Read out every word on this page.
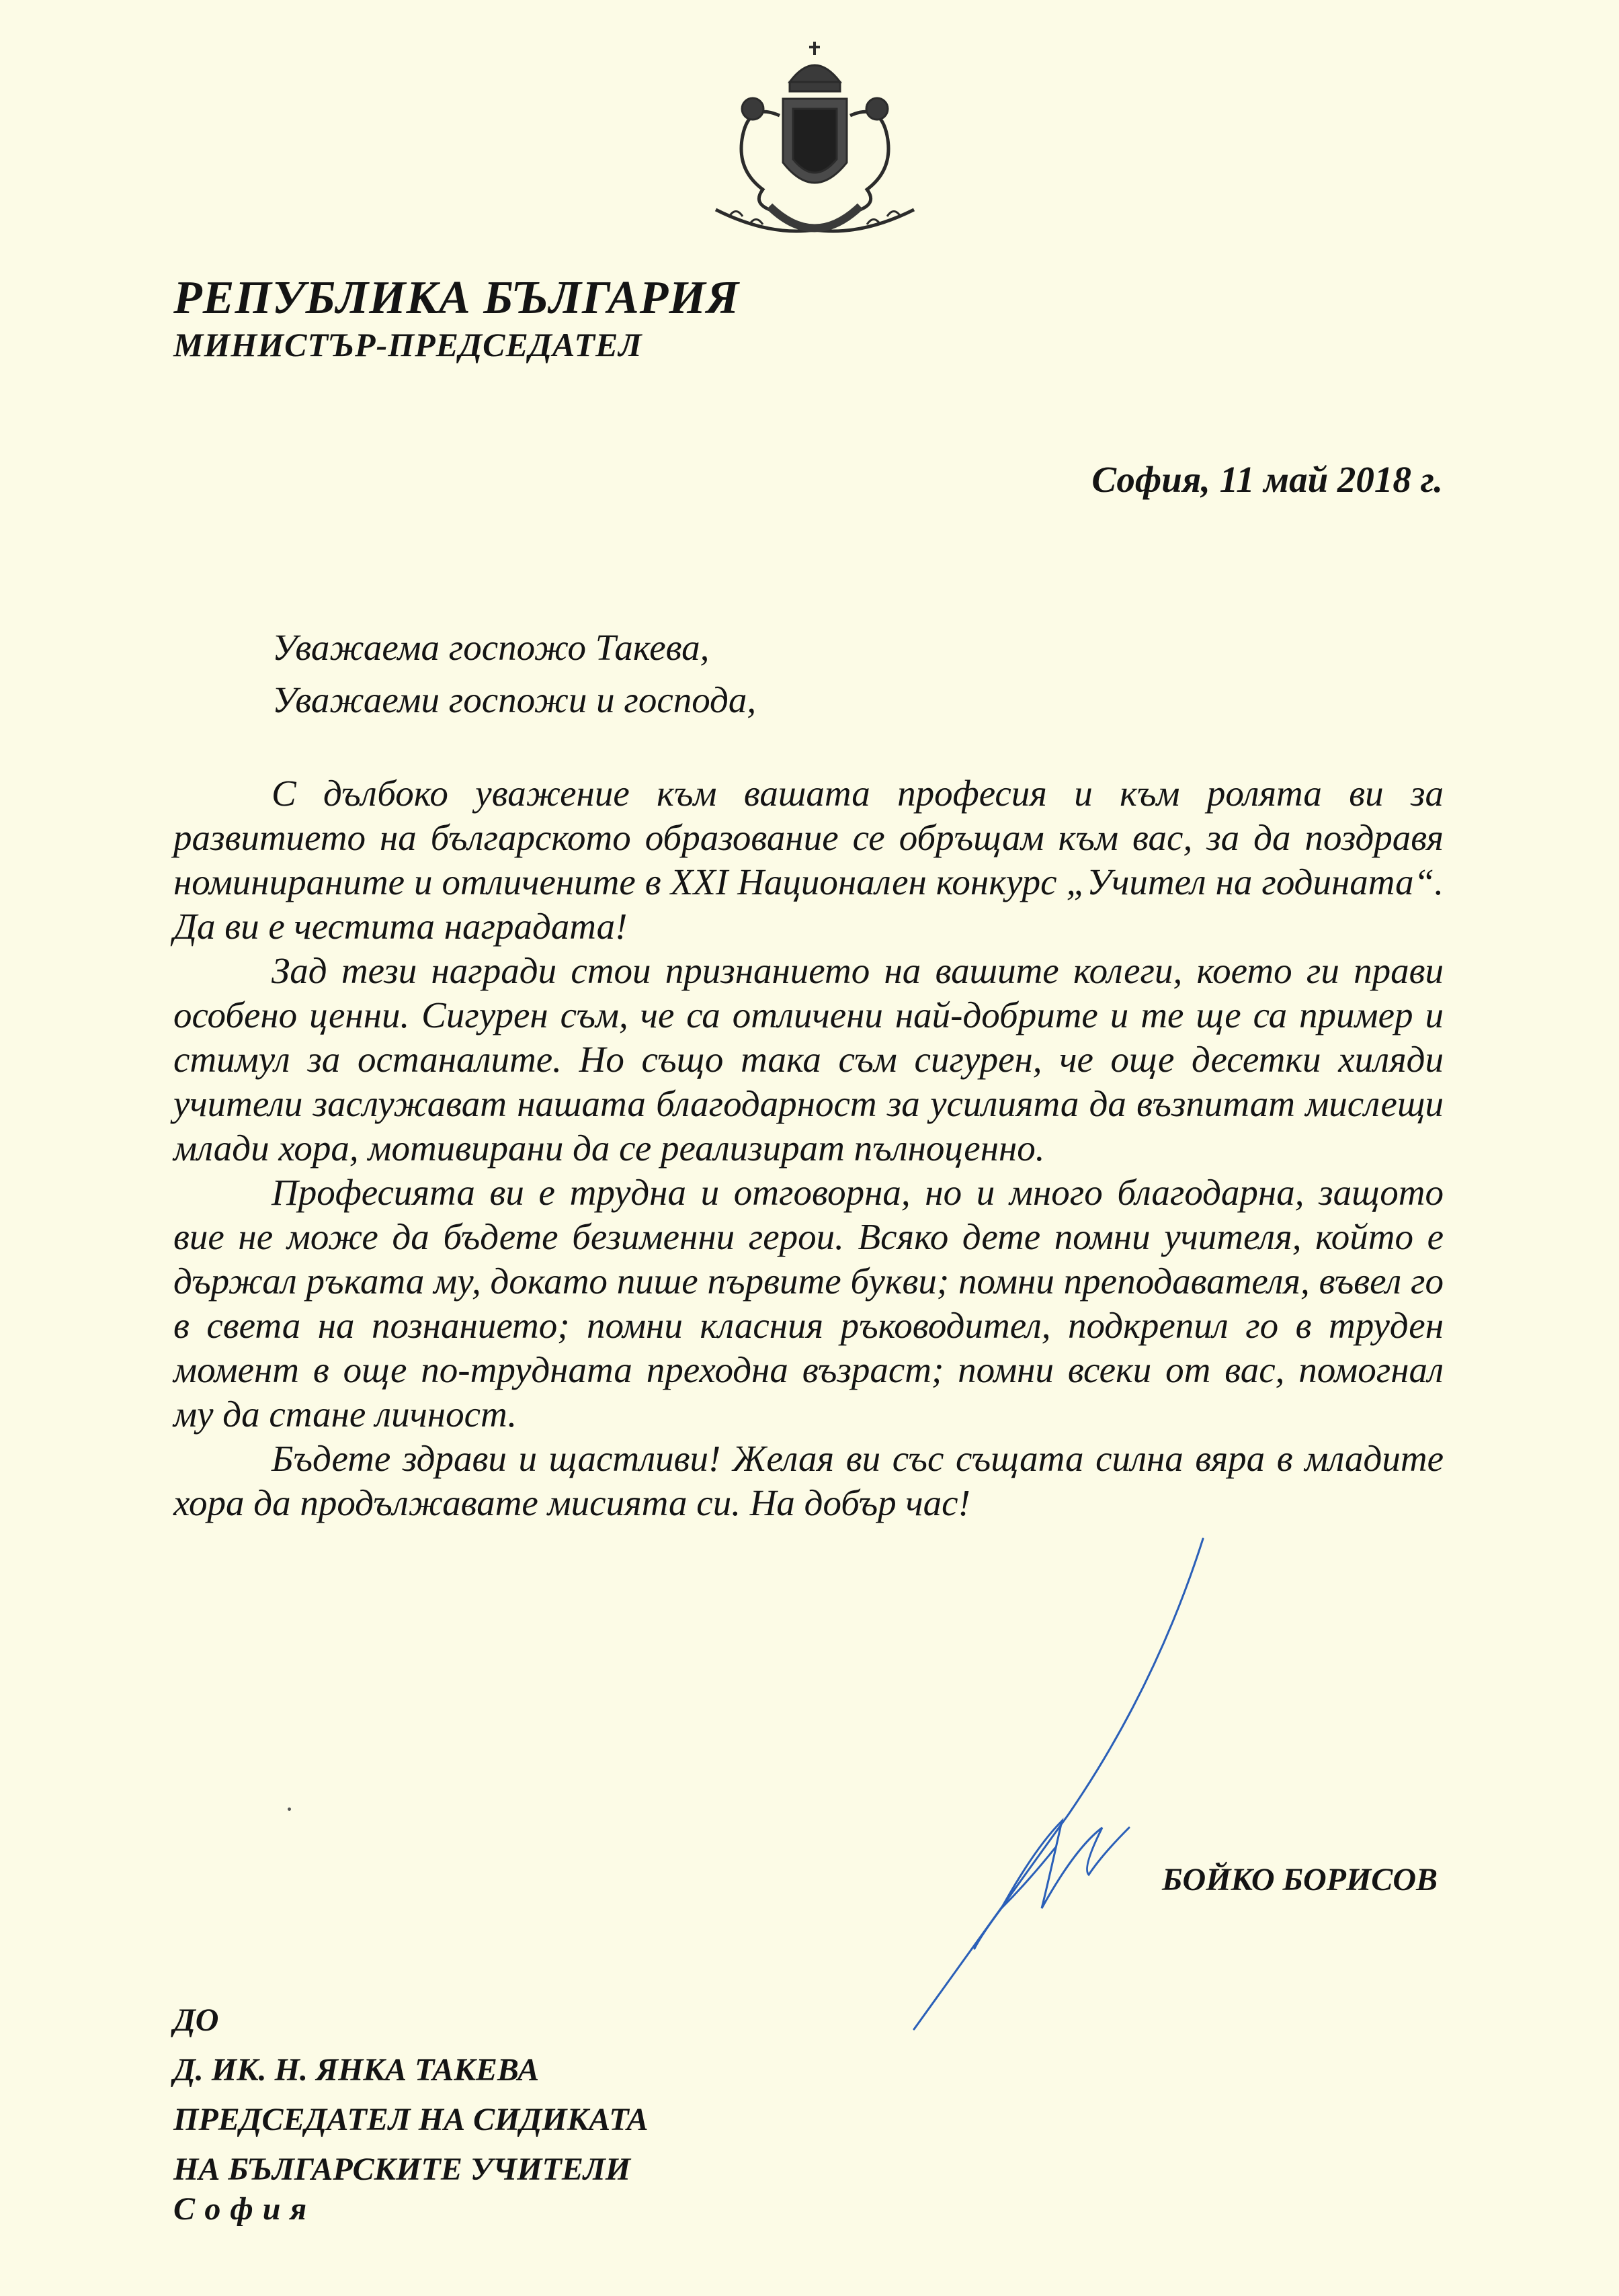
РЕПУБЛИКА БЪЛГАРИЯ
МИНИСТЪР-ПРЕДСЕДАТЕЛ
София, 11 май 2018 г.
Уважаема госпожо Такева,
Уважаеми госпожи и господа,

С дълбоко уважение към вашата професия и към ролята ви за развитието на българското образование се обръщам към вас, за да поздравя номинираните и отличените в XXI Национален конкурс „Учител на годината“. Да ви е честита наградата!

Зад тези награди стои признанието на вашите колеги, което ги прави особено ценни. Сигурен съм, че са отличени най-добрите и те ще са пример и стимул за останалите. Но също така съм сигурен, че още десетки хиляди учители заслужават нашата благодарност за усилията да възпитат мислещи млади хора, мотивирани да се реализират пълноценно.

Професията ви е трудна и отговорна, но и много благодарна, защото вие не може да бъдете безименни герои. Всяко дете помни учителя, който е държал ръката му, докато пише първите букви; помни преподавателя, въвел го в света на познанието; помни класния ръководител, подкрепил го в труден момент в още по-трудната преходна възраст; помни всеки от вас, помогнал му да стане личност.

Бъдете здрави и щастливи! Желая ви със същата силна вяра в младите хора да продължавате мисията си. На добър час!

БОЙКО БОРИСОВ
ДО
Д. ИК. Н. ЯНКА ТАКЕВА
ПРЕДСЕДАТЕЛ НА СИДИКАТА
НА БЪЛГАРСКИТЕ УЧИТЕЛИ
София
